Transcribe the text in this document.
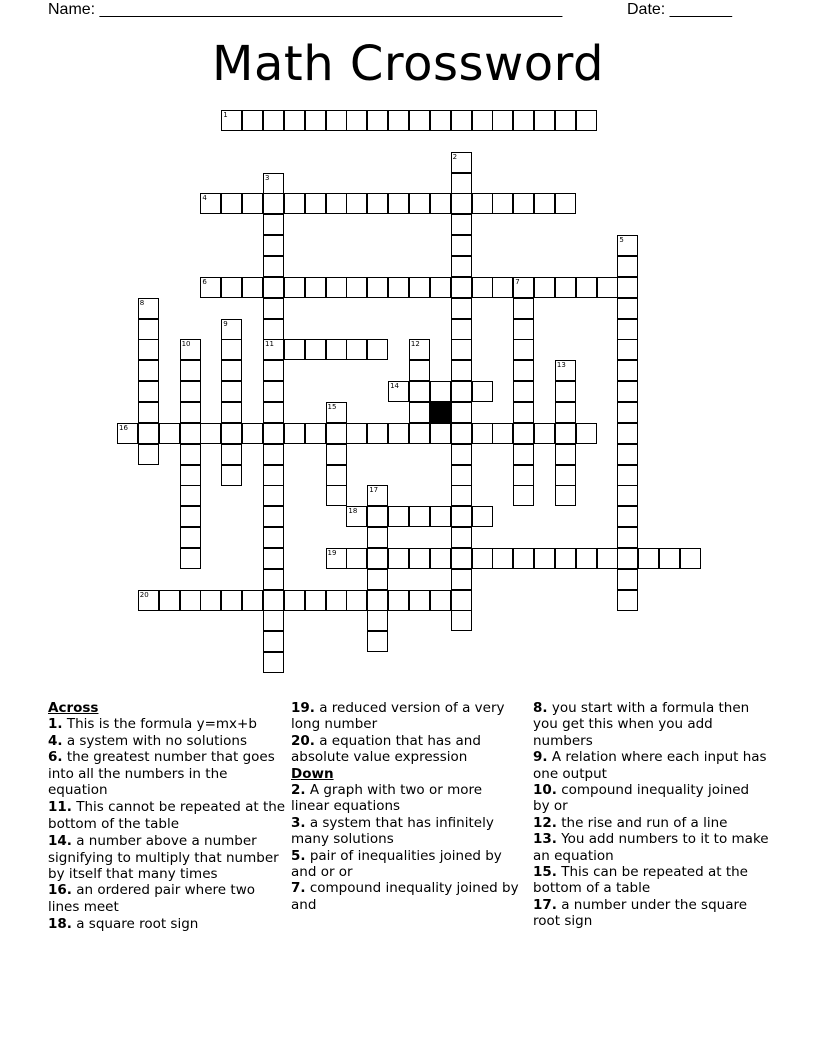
Name: ____________________________________________________	Date: _______
Math Crossword
1
2
3
11
4
5
6	7
8
9
10	12
13
14
15
16
17
18
19
20
Across
1. This is the formula y=mx+b
4. a system with no solutions
6. the greatest number that goes into all the numbers in the equation
11. This cannot be repeated at the bottom of the table
14. a number above a number signifying to multiply that number by itself that many times
16. an ordered pair where two lines meet
18. a square root sign
19. a reduced version of a very long number
20. a equation that has and absolute value expression
Down
2. A graph with two or more linear equations
3. a system that has infinitely many solutions
5. pair of inequalities joined by and or or
7. compound inequality joined by and
8. you start with a formula then you get this when you add numbers
9. A relation where each input has one output
10. compound inequality joined by or
12. the rise and run of a line
13. You add numbers to it to make an equation
15. This can be repeated at the bottom of a table
17. a number under the square root sign
